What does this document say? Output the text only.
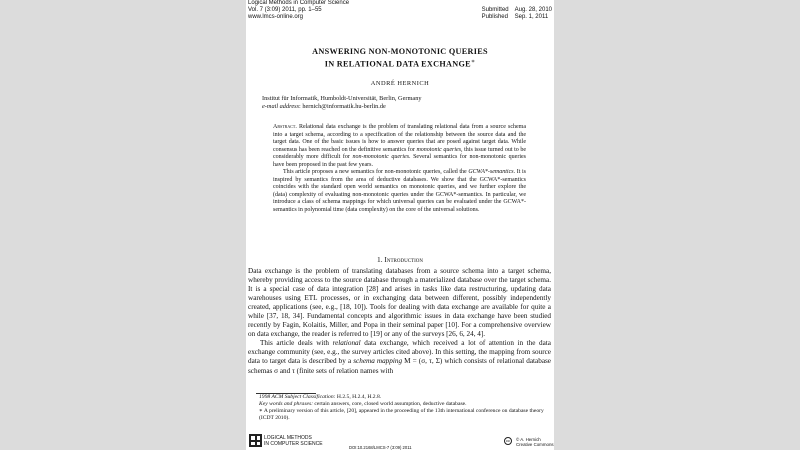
Logical Methods in Computer Science
Vol. 7 (3:09) 2011, pp. 1–55
www.lmcs-online.org
Submitted Aug. 28, 2010
Published Sep. 1, 2011
ANSWERING NON-MONOTONIC QUERIES
IN RELATIONAL DATA EXCHANGE∗
ANDRÉ HERNICH
Institut für Informatik, Humboldt-Universität, Berlin, Germany
e-mail address: hernich@informatik.hu-berlin.de

Abstract. Relational data exchange is the problem of translating relational data from a source schema into a target schema, according to a specification of the relationship between the source data and the target data. One of the basic issues is how to answer queries that are posed against target data. While consensus has been reached on the definitive semantics for monotonic queries, this issue turned out to be considerably more difficult for non-monotonic queries. Several semantics for non-monotonic queries have been proposed in the past few years.

This article proposes a new semantics for non-monotonic queries, called the GCWA*-semantics. It is inspired by semantics from the area of deductive databases. We show that the GCWA*-semantics coincides with the standard open world semantics on monotonic queries, and we further explore the (data) complexity of evaluating non-monotonic queries under the GCWA*-semantics. In particular, we introduce a class of schema mappings for which universal queries can be evaluated under the GCWA*-semantics in polynomial time (data complexity) on the core of the universal solutions.

1. Introduction

Data exchange is the problem of translating databases from a source schema into a target schema, whereby providing access to the source database through a materialized database over the target schema. It is a special case of data integration [28] and arises in tasks like data restructuring, updating data warehouses using ETL processes, or in exchanging data between different, possibly independently created, applications (see, e.g., [18, 10]). Tools for dealing with data exchange are available for quite a while [37, 18, 34]. Fundamental concepts and algorithmic issues in data exchange have been studied recently by Fagin, Kolaitis, Miller, and Popa in their seminal paper [10]. For a comprehensive overview on data exchange, the reader is referred to [19] or any of the surveys [26, 6, 24, 4].

This article deals with relational data exchange, which received a lot of attention in the data exchange community (see, e.g., the survey articles cited above). In this setting, the mapping from source data to target data is described by a schema mapping M = (σ, τ, Σ) which consists of relational database schemas σ and τ (finite sets of relation names with

1998 ACM Subject Classification: H.2.5, H.2.4, H.2.8.

Key words and phrases: certain answers, core, closed world assumption, deductive database.

∗ A preliminary version of this article, [20], appeared in the proceeding of the 13th international conference on database theory (ICDT 2010).

LOGICAL METHODS
IN COMPUTER SCIENCE
DOI:10.2168/LMCS-7 (3:09) 2011
cc	© A. Hernich
Creative Commons
